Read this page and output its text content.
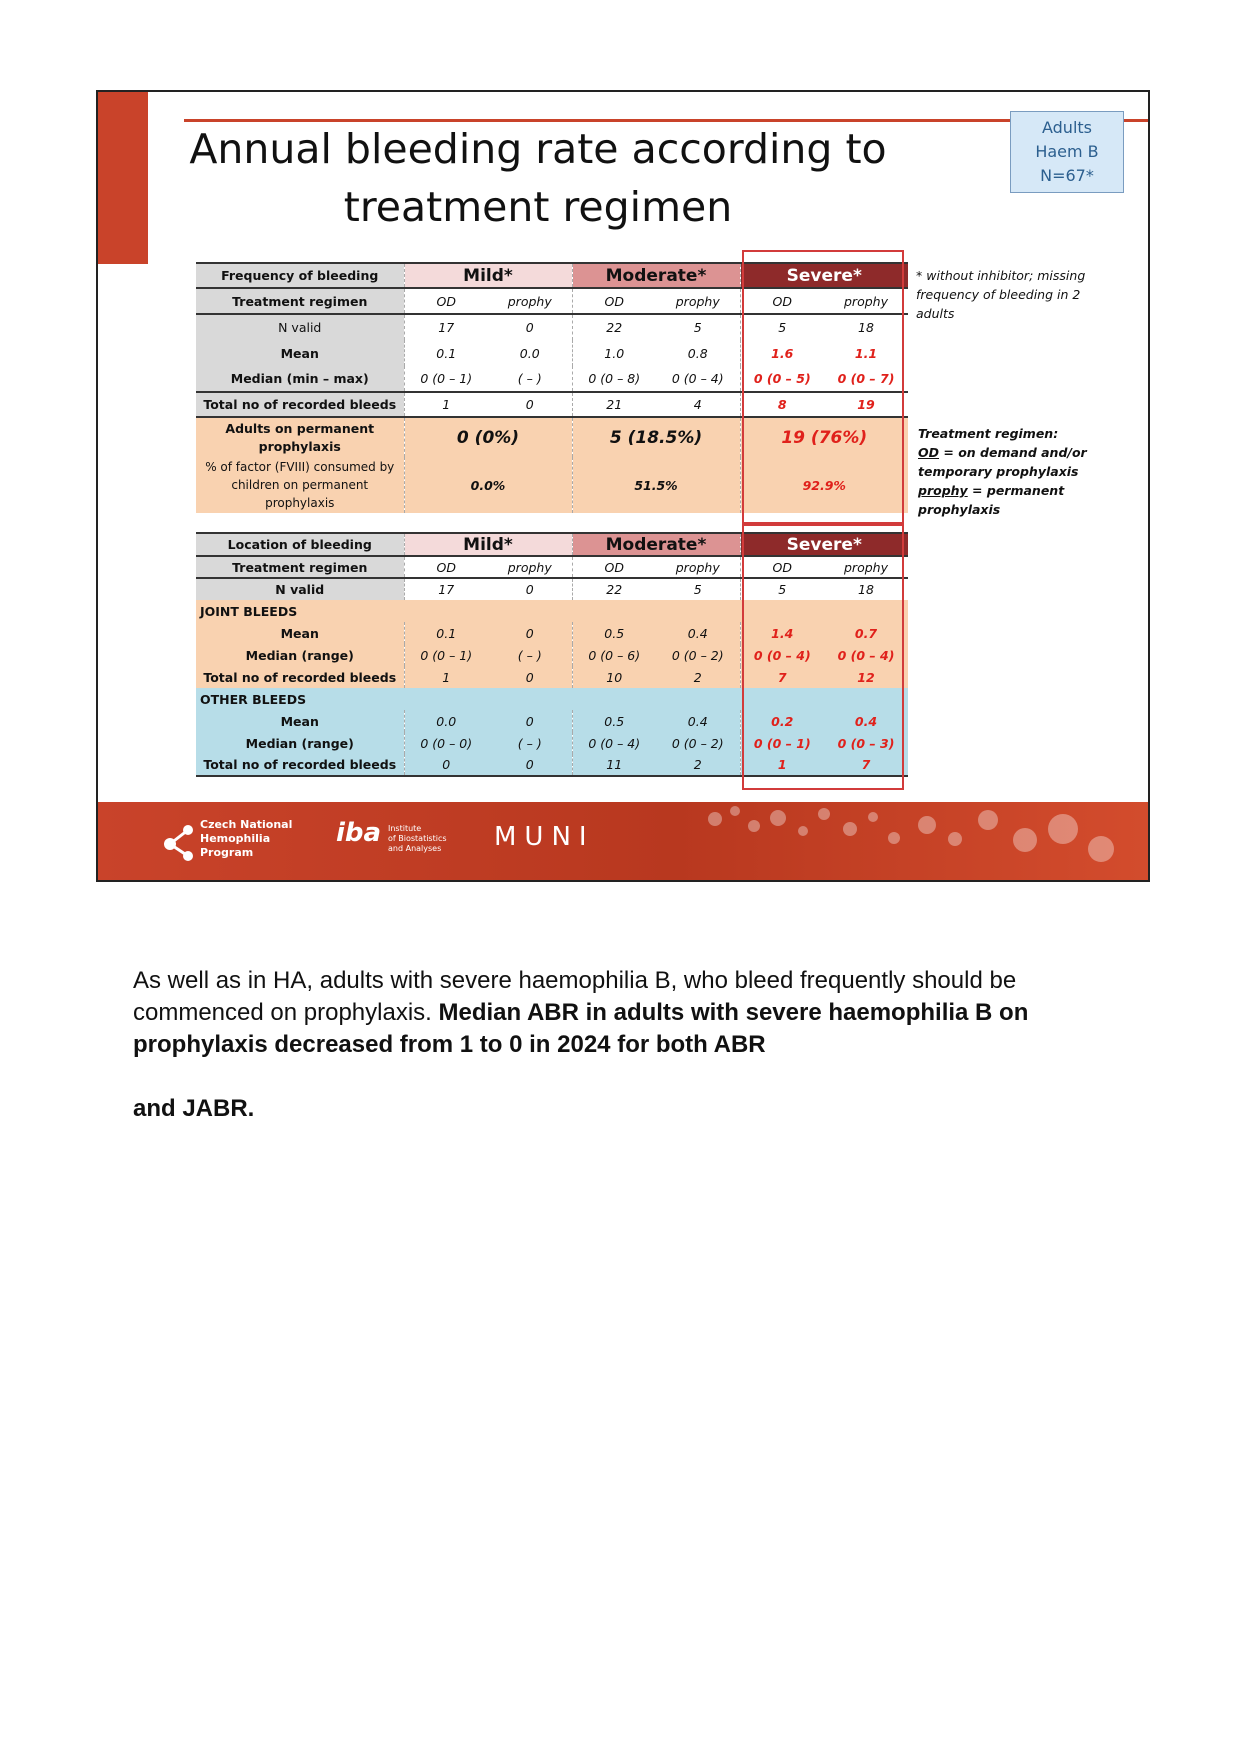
Annual bleeding rate according to
treatment regimen
Adults
Haem B
N=67*
Frequency of bleeding	Mild*		Moderate*		Severe*	
Treatment regimen	OD	prophy	OD	prophy	OD	prophy
N valid	17	0	22	5	5	18
Mean	0.1	0.0	1.0	0.8	1.6	1.1
Median (min – max)	0 (0 – 1)	( – )	0 (0 – 8)	0 (0 – 4)	0 (0 – 5)	0 (0 – 7)
Total no of recorded bleeds	1	0	21	4	8	19
Adults on permanent prophylaxis	0 (0%)		5 (18.5%)		19 (76%)	
% of factor (FVIII) consumed by children on permanent prophylaxis	0.0%		51.5%		92.9%	
Location of bleeding	Mild*		Moderate*		Severe*	
Treatment regimen	OD	prophy	OD	prophy	OD	prophy
N valid	17	0	22	5	5	18
JOINT BLEEDS						
Mean	0.1	0	0.5	0.4	1.4	0.7
Median (range)	0 (0 – 1)	( – )	0 (0 – 6)	0 (0 – 2)	0 (0 – 4)	0 (0 – 4)
Total no of recorded bleeds	1	0	10	2	7	12
OTHER BLEEDS						
Mean	0.0	0	0.5	0.4	0.2	0.4
Median (range)	0 (0 – 0)	( – )	0 (0 – 4)	0 (0 – 2)	0 (0 – 1)	0 (0 – 3)
Total no of recorded bleeds	0	0	11	2	1	7
* without inhibitor; missing frequency of bleeding in 2 adults
Treatment regimen:
OD = on demand and/or temporary prophylaxis
prophy = permanent prophylaxis
Czech National
Hemophilia
Program
iba Institute
of Biostatistics
and Analyses MUNI
As well as in HA, adults with severe haemophilia B, who bleed frequently should be commenced on prophylaxis. Median ABR in adults with severe haemophilia B on prophylaxis decreased from 1 to 0 in 2024 for both ABR
and JABR.
